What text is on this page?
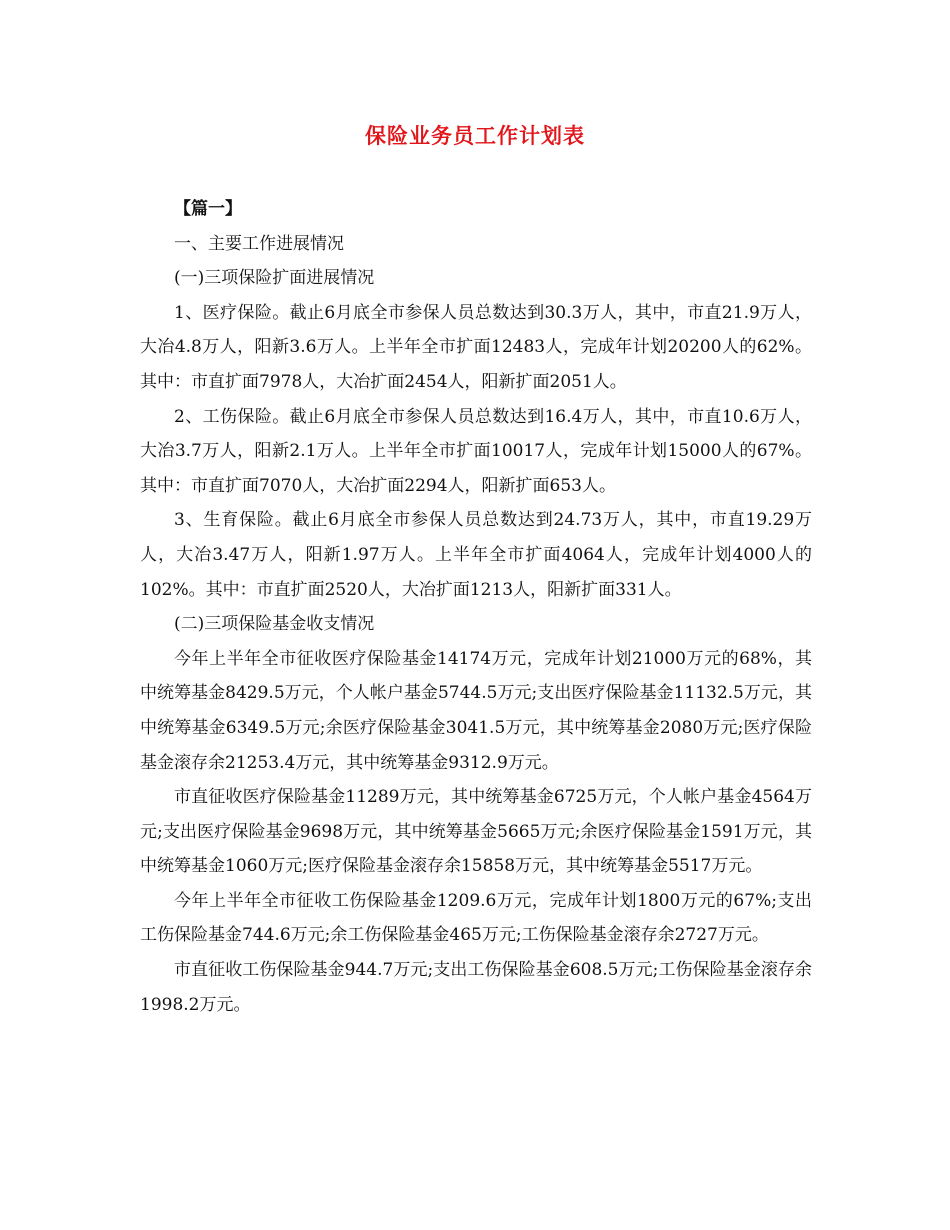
保险业务员工作计划表

【篇一】

一、主要工作进展情况

(一)三项保险扩面进展情况

1、医疗保险。截止6月底全市参保人员总数达到30.3万人，其中，市直21.9万人，大冶4.8万人，阳新3.6万人。上半年全市扩面12483人，完成年计划20200人的62%。其中：市直扩面7978人，大冶扩面2454人，阳新扩面2051人。

2、工伤保险。截止6月底全市参保人员总数达到16.4万人，其中，市直10.6万人，大冶3.7万人，阳新2.1万人。上半年全市扩面10017人，完成年计划15000人的67%。其中：市直扩面7070人，大冶扩面2294人，阳新扩面653人。

3、生育保险。截止6月底全市参保人员总数达到24.73万人，其中，市直19.29万人，大冶3.47万人，阳新1.97万人。上半年全市扩面4064人，完成年计划4000人的102%。其中：市直扩面2520人，大冶扩面1213人，阳新扩面331人。

(二)三项保险基金收支情况

今年上半年全市征收医疗保险基金14174万元，完成年计划21000万元的68%，其中统筹基金8429.5万元，个人帐户基金5744.5万元;支出医疗保险基金11132.5万元，其中统筹基金6349.5万元;余医疗保险基金3041.5万元，其中统筹基金2080万元;医疗保险基金滚存余21253.4万元，其中统筹基金9312.9万元。

市直征收医疗保险基金11289万元，其中统筹基金6725万元，个人帐户基金4564万元;支出医疗保险基金9698万元，其中统筹基金5665万元;余医疗保险基金1591万元，其中统筹基金1060万元;医疗保险基金滚存余15858万元，其中统筹基金5517万元。

今年上半年全市征收工伤保险基金1209.6万元，完成年计划1800万元的67%;支出工伤保险基金744.6万元;余工伤保险基金465万元;工伤保险基金滚存余2727万元。

市直征收工伤保险基金944.7万元;支出工伤保险基金608.5万元;工伤保险基金滚存余1998.2万元。
